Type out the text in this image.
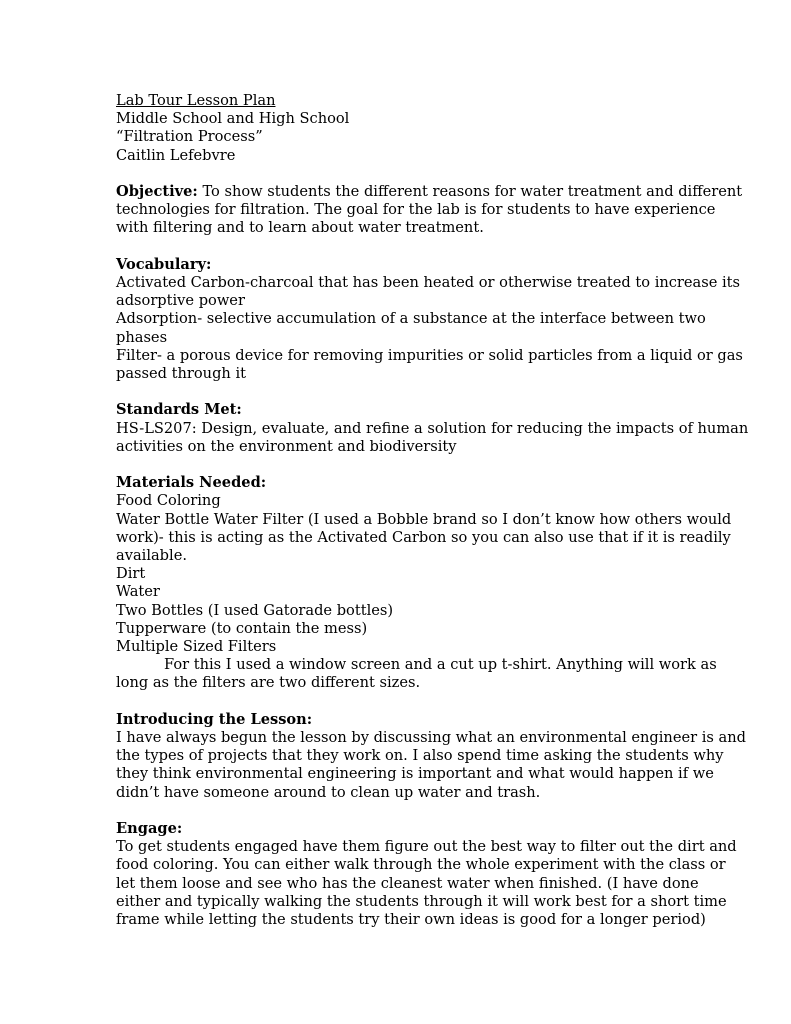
Lab Tour Lesson Plan
Middle School and High School
“Filtration Process”
Caitlin Lefebvre
Objective: To show students the different reasons for water treatment and different
technologies for filtration. The goal for the lab is for students to have experience
with filtering and to learn about water treatment.
Vocabulary:
Activated Carbon-charcoal that has been heated or otherwise treated to increase its
adsorptive power
Adsorption- selective accumulation of a substance at the interface between two
phases
Filter- a porous device for removing impurities or solid particles from a liquid or gas
passed through it
Standards Met:
HS-LS207: Design, evaluate, and refine a solution for reducing the impacts of human
activities on the environment and biodiversity
Materials Needed:
Food Coloring
Water Bottle Water Filter (I used a Bobble brand so I don’t know how others would
work)- this is acting as the Activated Carbon so you can also use that if it is readily
available.
Dirt
Water
Two Bottles (I used Gatorade bottles)
Tupperware (to contain the mess)
Multiple Sized Filters
For this I used a window screen and a cut up t-shirt. Anything will work as
long as the filters are two different sizes.
Introducing the Lesson:
I have always begun the lesson by discussing what an environmental engineer is and
the types of projects that they work on. I also spend time asking the students why
they think environmental engineering is important and what would happen if we
didn’t have someone around to clean up water and trash.
Engage:
To get students engaged have them figure out the best way to filter out the dirt and
food coloring. You can either walk through the whole experiment with the class or
let them loose and see who has the cleanest water when finished. (I have done
either and typically walking the students through it will work best for a short time
frame while letting the students try their own ideas is good for a longer period)
